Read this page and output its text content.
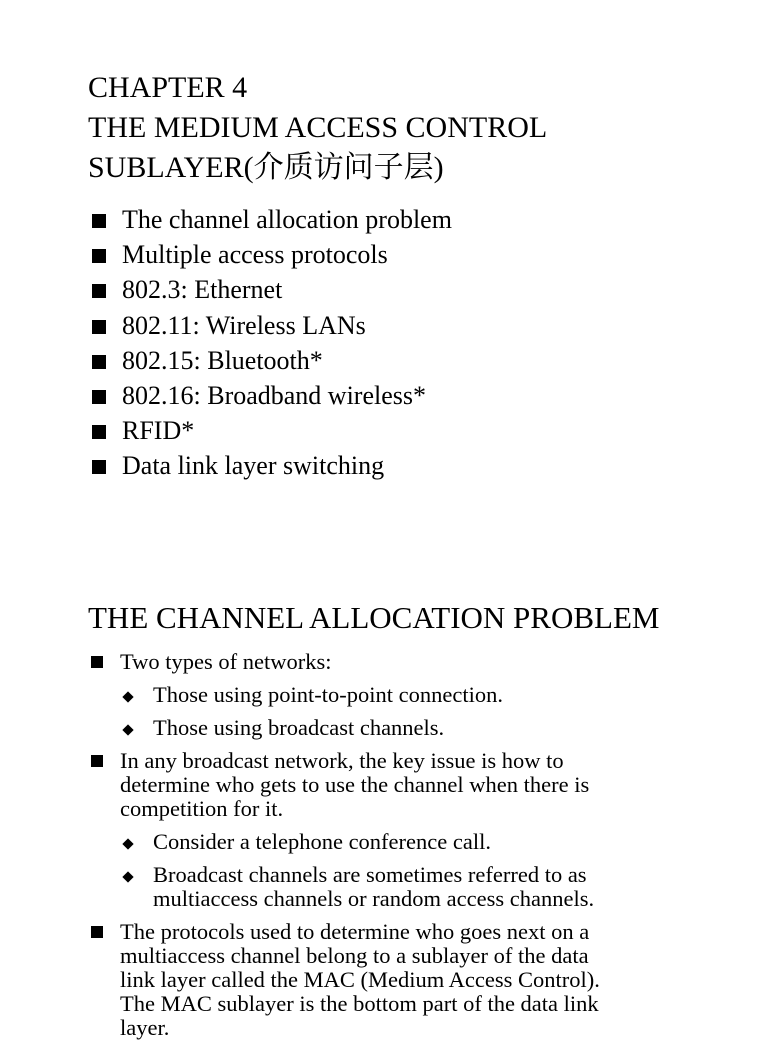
CHAPTER 4
THE MEDIUM ACCESS CONTROL
SUBLAYER(介质访问子层)
The channel allocation problem
Multiple access protocols
802.3: Ethernet
802.11: Wireless LANs
802.15: Bluetooth*
802.16: Broadband wireless*
RFID*
Data link layer switching
THE CHANNEL ALLOCATION PROBLEM
Two types of networks:
Those using point-to-point connection.
Those using broadcast channels.
In any broadcast network, the key issue is how to
determine who gets to use the channel when there is
competition for it.
Consider a telephone conference call.
Broadcast channels are sometimes referred to as
multiaccess channels or random access channels.
The protocols used to determine who goes next on a
multiaccess channel belong to a sublayer of the data
link layer called the MAC (Medium Access Control).
The MAC sublayer is the bottom part of the data link
layer.
